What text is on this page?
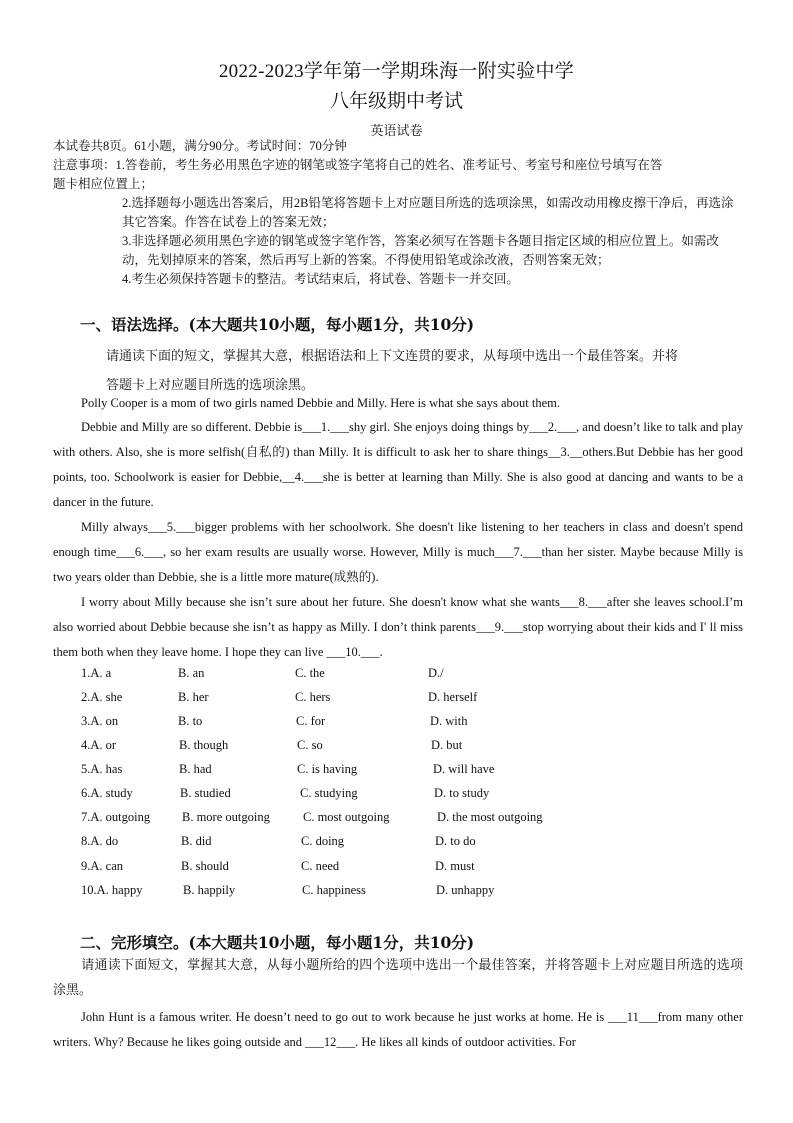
2022-2023学年第一学期珠海一附实验中学
八年级期中考试
英语试卷
本试卷共8页。61小题，满分90分。考试时间：70分钟
注意事项：1.答卷前，考生务必用黑色字迹的钢笔或签字笔将自己的姓名、准考证号、考室号和座位号填写在答
题卡相应位置上；
2.选择题每小题选出答案后，用2B铅笔将答题卡上对应题目所选的选项涂黑，如需改动用橡皮擦干净后，再选涂其它答案。作答在试卷上的答案无效；
3.非选择题必须用黑色字迹的钢笔或签字笔作答，答案必须写在答题卡各题目指定区域的相应位置上。如需改动，先划掉原来的答案，然后再写上新的答案。不得使用铅笔或涂改液，否则答案无效；
4.考生必须保持答题卡的整洁。考试结束后，将试卷、答题卡一并交回。
一、语法选择。(本大题共10小题，每小题1分，共10分)
请通读下面的短文，掌握其大意，根据语法和上下文连贯的要求，从每项中选出一个最佳答案。并将
答题卡上对应题目所选的选项涂黑。
Polly Cooper is a mom of two girls named Debbie and Milly. Here is what she says about them.
Debbie and Milly are so different. Debbie is___1.___shy girl. She enjoys doing things by___2.___, and doesn’t like to talk and play with others. Also, she is more selfish(自私的) than Milly. It is difficult to ask her to share things__3.__others.But Debbie has her good points, too. Schoolwork is easier for Debbie,__4.___she is better at learning than Milly. She is also good at dancing and wants to be a dancer in the future.
Milly always___5.___bigger problems with her schoolwork. She doesn't like listening to her teachers in class and doesn't spend enough time___6.___, so her exam results are usually worse. However, Milly is much___7.___than her sister. Maybe because Milly is two years older than Debbie, she is a little more mature(成熟的).
I worry about Milly because she isn’t sure about her future. She doesn't know what she wants___8.___after she leaves school.I’m also worried about Debbie because she isn’t as happy as Milly. I don’t think parents___9.___stop worrying about their kids and I' ll miss them both when they leave home. I hope they can live ___10.___.
1.A. a	B. an	C. the	D./
2.A. she	B. her	C. hers	D. herself
3.A. on	B. to	C. for	D. with
4.A. or	B. though	C. so	D. but
5.A. has	B. had	C. is having	D. will have
6.A. study	B. studied	C. studying	D. to study
7.A. outgoing	B. more outgoing	C. most outgoing	D. the most outgoing
8.A. do	B. did	C. doing	D. to do
9.A. can	B. should	C. need	D. must
10.A. happy	B. happily	C. happiness	D. unhappy
二、完形填空。(本大题共10小题，每小题1分，共10分)
请通读下面短文，掌握其大意，从每小题所给的四个选项中选出一个最佳答案，并将答题卡上对应题目所选的选项涂黑。
John Hunt is a famous writer. He doesn’t need to go out to work because he just works at home. He is ___11___from many other writers. Why? Because he likes going outside and ___12___. He likes all kinds of outdoor activities. For
